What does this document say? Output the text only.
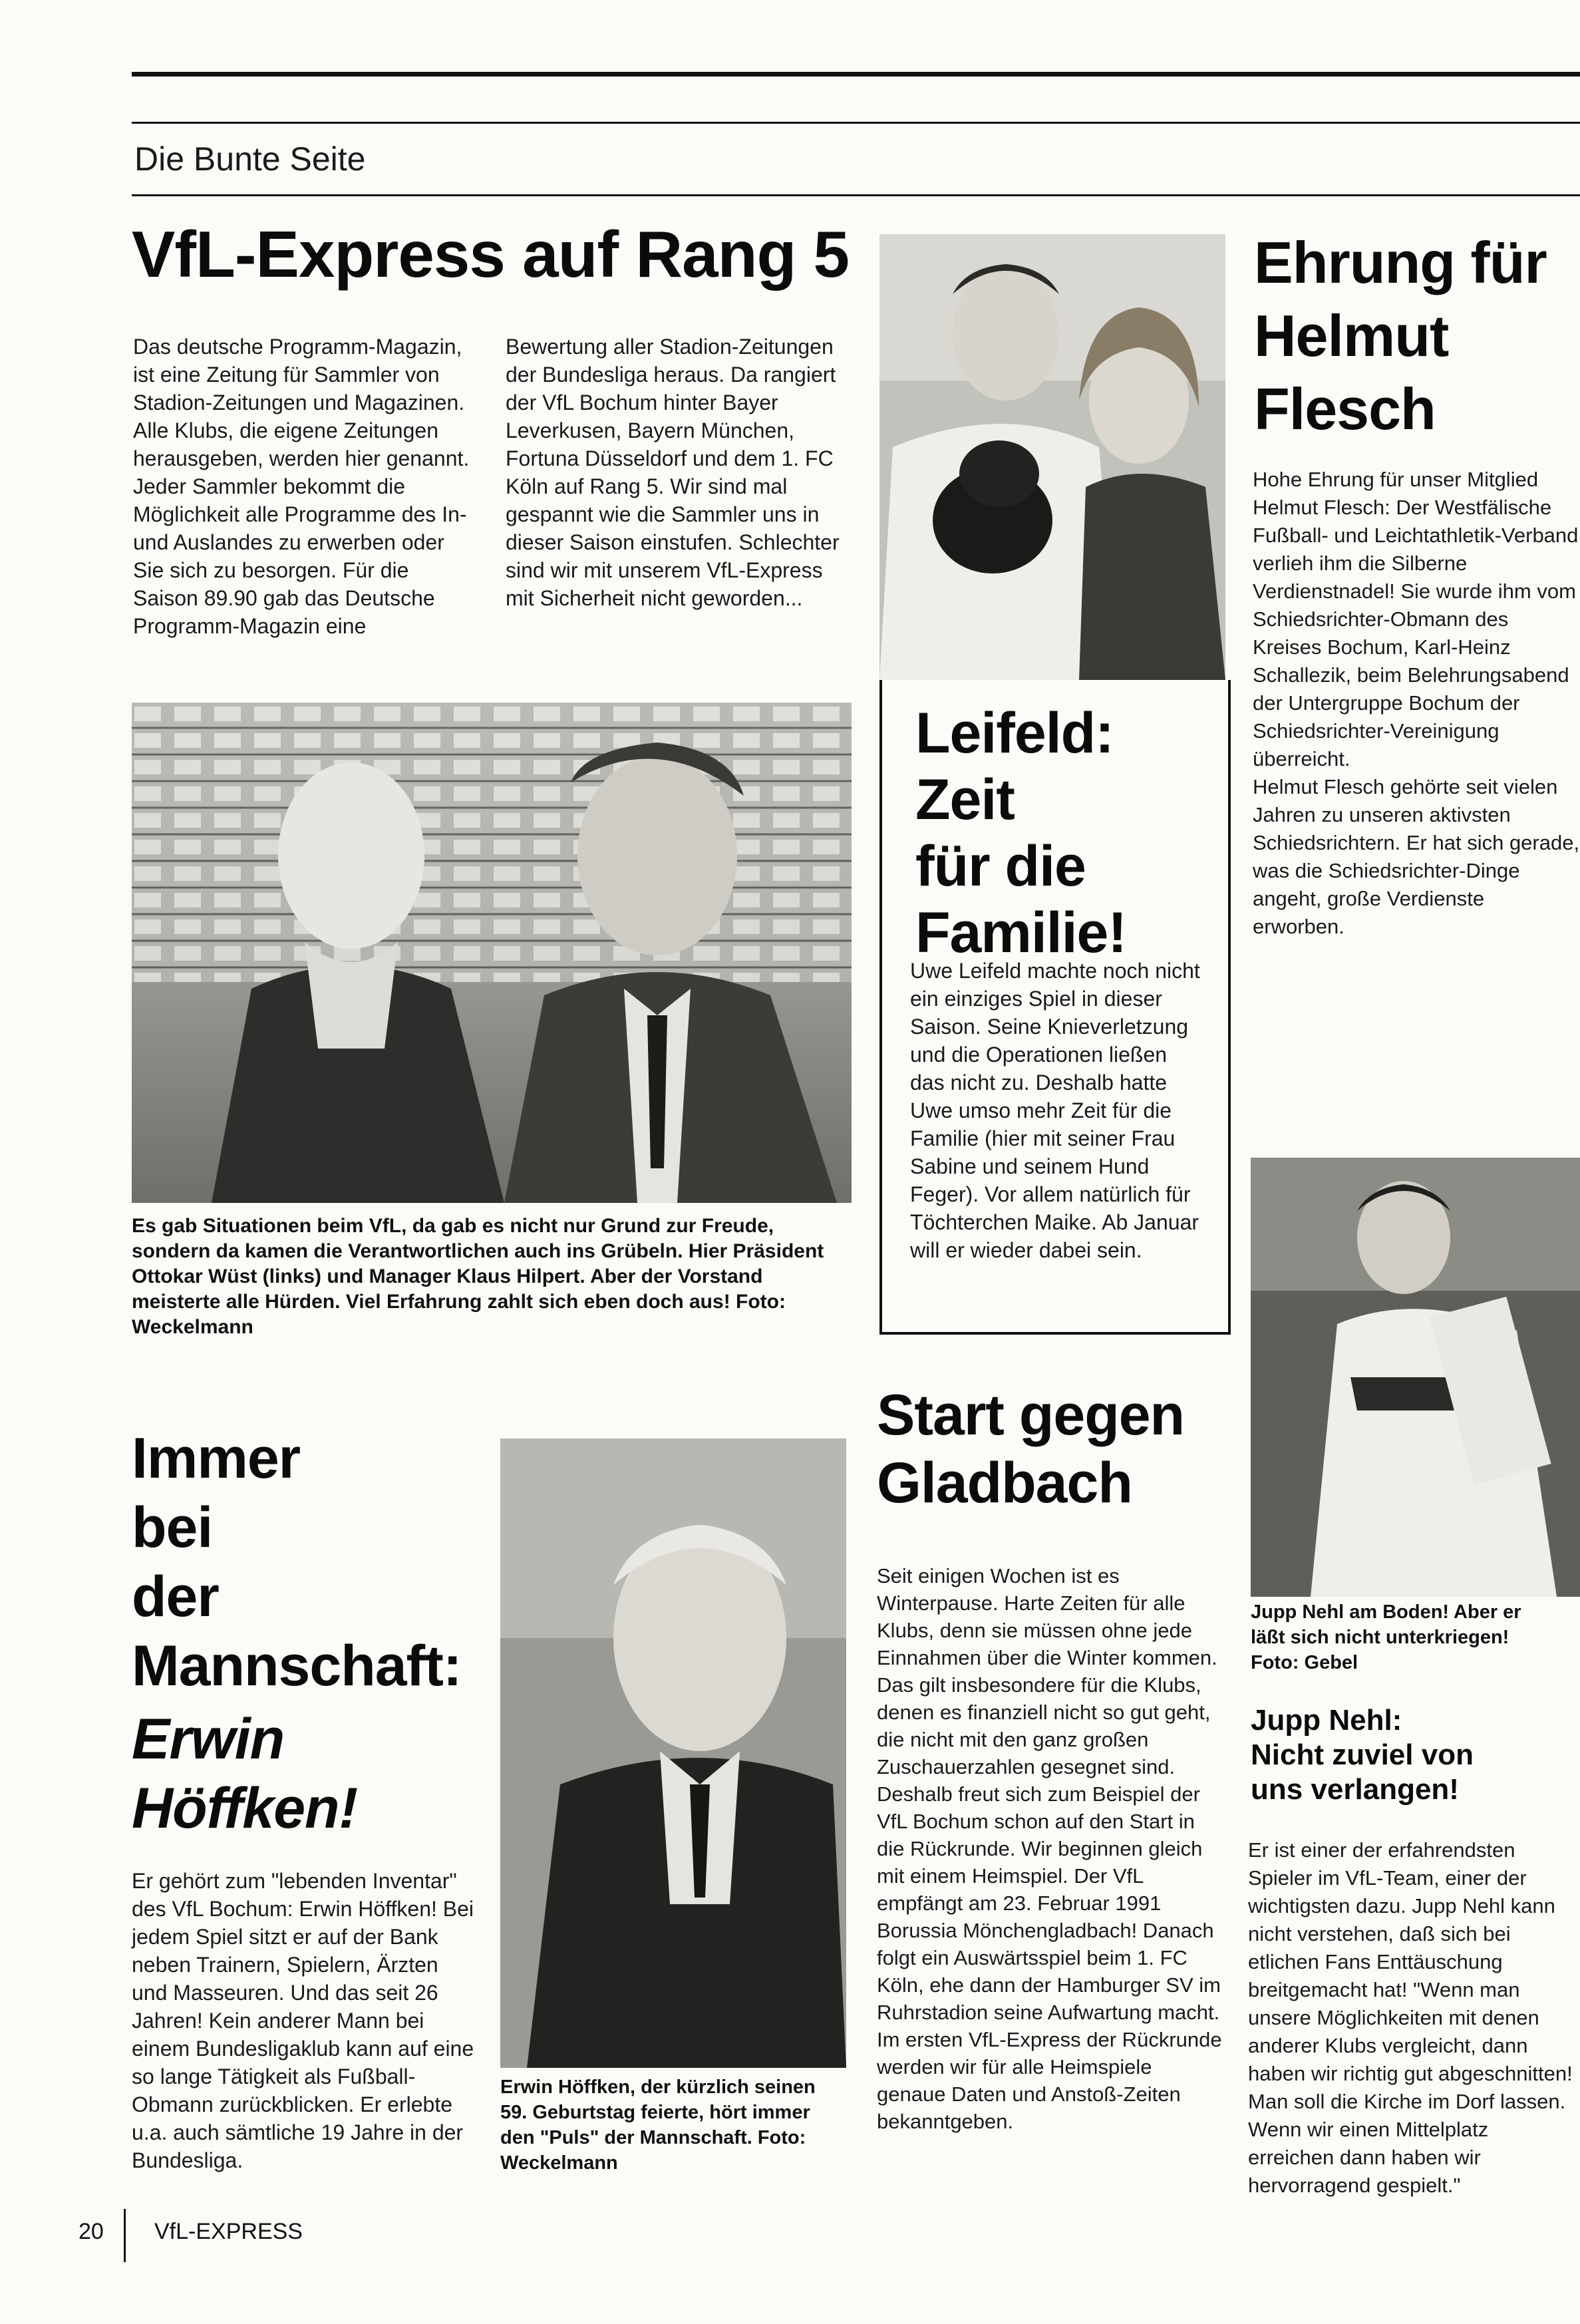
Die Bunte Seite
VfL-Express auf Rang 5

Das deutsche Programm-Magazin, ist eine Zeitung für Sammler von Stadion-Zeitungen und Magazinen. Alle Klubs, die eigene Zeitungen herausgeben, werden hier genannt. Jeder Sammler bekommt die Möglichkeit alle Programme des In- und Auslandes zu erwerben oder Sie sich zu besorgen. Für die Saison 89.90 gab das Deutsche Programm-Magazin eine

Bewertung aller Stadion-Zeitungen der Bundesliga heraus. Da rangiert der VfL Bochum hinter Bayer Leverkusen, Bayern München, Fortuna Düsseldorf und dem 1. FC Köln auf Rang 5. Wir sind mal gespannt wie die Sammler uns in dieser Saison einstufen. Schlechter sind wir mit unserem VfL-Express mit Sicherheit nicht geworden...

Es gab Situationen beim VfL, da gab es nicht nur Grund zur Freude, sondern da kamen die Verantwortlichen auch ins Grübeln. Hier Präsident Ottokar Wüst (links) und Manager Klaus Hilpert. Aber der Vorstand meisterte alle Hürden. Viel Erfahrung zahlt sich eben doch aus! Foto: Weckelmann
Leifeld:
Zeit
für die
Familie!
Uwe Leifeld machte noch nicht ein einziges Spiel in dieser Saison. Seine Knieverletzung und die Operationen ließen das nicht zu. Deshalb hatte Uwe umso mehr Zeit für die Familie (hier mit seiner Frau Sabine und seinem Hund Feger). Vor allem natürlich für Töchterchen Maike. Ab Januar will er wieder dabei sein.
Ehrung für
Helmut
Flesch

Hohe Ehrung für unser Mitglied Helmut Flesch: Der Westfälische Fußball- und Leichtathletik-Verband verlieh ihm die Silberne Verdienstnadel! Sie wurde ihm vom Schiedsrichter-Obmann des Kreises Bochum, Karl-Heinz Schallezik, beim Belehrungsabend der Untergruppe Bochum der Schiedsrichter-Vereinigung überreicht.

Helmut Flesch gehörte seit vielen Jahren zu unseren aktivsten Schiedsrichtern. Er hat sich gerade, was die Schiedsrichter-Dinge angeht, große Verdienste erworben.

Jupp Nehl am Boden! Aber er
läßt sich nicht unterkriegen!
Foto: Gebel
Jupp Nehl:
Nicht zuviel von
uns verlangen!
Er ist einer der erfahrendsten Spieler im VfL-Team, einer der wichtigsten dazu. Jupp Nehl kann nicht verstehen, daß sich bei etlichen Fans Enttäuschung breitgemacht hat! "Wenn man unsere Möglichkeiten mit denen anderer Klubs vergleicht, dann haben wir richtig gut abgeschnitten! Man soll die Kirche im Dorf lassen. Wenn wir einen Mittelplatz erreichen dann haben wir hervorragend gespielt."
Immer
bei
der
Mannschaft:
Erwin
Höffken!
Er gehört zum "lebenden Inventar" des VfL Bochum: Erwin Höffken! Bei jedem Spiel sitzt er auf der Bank neben Trainern, Spielern, Ärzten und Masseuren. Und das seit 26 Jahren! Kein anderer Mann bei einem Bundesligaklub kann auf eine so lange Tätigkeit als Fußball-Obmann zurückblicken. Er erlebte u.a. auch sämtliche 19 Jahre in der Bundesliga.
Erwin Höffken, der kürzlich seinen 59. Geburtstag feierte, hört immer den "Puls" der Mannschaft. Foto: Weckelmann
Start gegen
Gladbach

Seit einigen Wochen ist es Winterpause. Harte Zeiten für alle Klubs, denn sie müssen ohne jede Einnahmen über die Winter kommen. Das gilt insbesondere für die Klubs, denen es finanziell nicht so gut geht, die nicht mit den ganz großen Zuschauerzahlen gesegnet sind.

Deshalb freut sich zum Beispiel der VfL Bochum schon auf den Start in die Rückrunde. Wir beginnen gleich mit einem Heimspiel. Der VfL empfängt am 23. Februar 1991 Borussia Mönchengladbach! Danach folgt ein Auswärtsspiel beim 1. FC Köln, ehe dann der Hamburger SV im Ruhrstadion seine Aufwartung macht. Im ersten VfL-Express der Rückrunde werden wir für alle Heimspiele genaue Daten und Anstoß-Zeiten bekanntgeben.

20 VfL-EXPRESS
